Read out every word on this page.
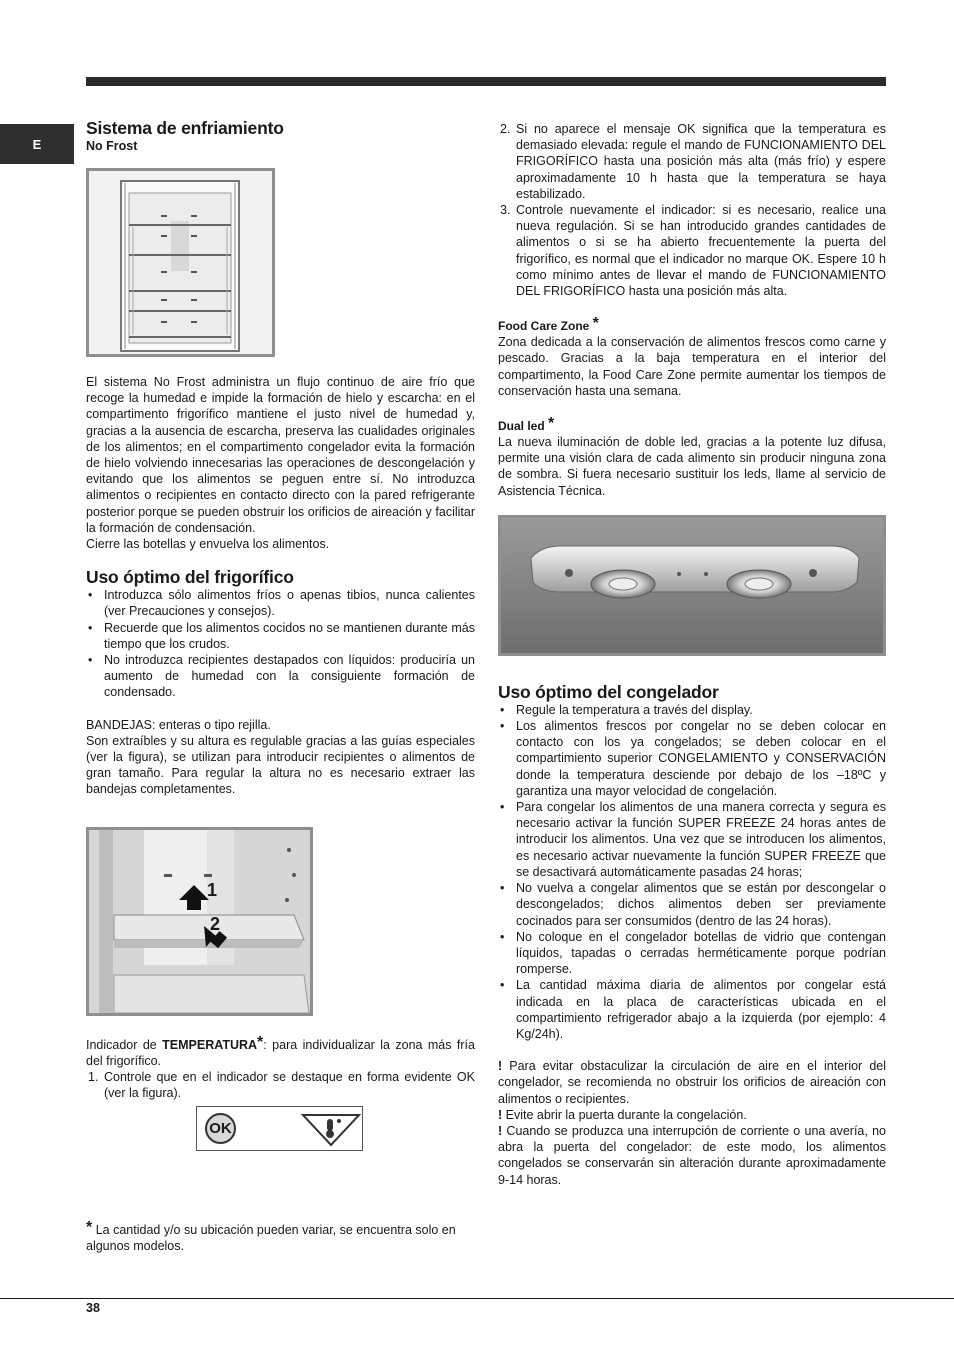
E
Sistema de enfriamiento
No Frost

El sistema No Frost administra un flujo continuo de aire frío que recoge la humedad e impide la formación de hielo y escarcha: en el compartimento frigorífico mantiene el justo nivel de humedad y, gracias a la ausencia de escarcha, preserva las cualidades originales de los alimentos; en el compartimento congelador evita la formación de hielo volviendo innecesarias las operaciones de descongelación y evitando que los alimentos se peguen entre sí. No introduzca alimentos o recipientes en contacto directo con la pared refrigerante posterior porque se pueden obstruir los orificios de aireación y facilitar la formación de condensación.

Cierre las botellas y envuelva los alimentos.

Uso óptimo del frigorífico
• Introduzca sólo alimentos fríos o apenas tibios, nunca calientes (ver Precauciones y consejos).
• Recuerde que los alimentos cocidos no se mantienen durante más tiempo que los crudos.
• No introduzca recipientes destapados con líquidos: produciría un aumento de humedad con la consiguiente formación de condensado.

BANDEJAS: enteras o tipo rejilla.

Son extraíbles y su altura es regulable gracias a las guías especiales (ver la figura), se utilizan para introducir recipientes o alimentos de gran tamaño. Para regular la altura no es necesario extraer las bandejas completamentes.

1
2

Indicador de TEMPERATURA*: para individualizar la zona más fría del frigorífico.

1. Controle que en el indicador se destaque en forma evidente OK (ver la figura).
OK

* La cantidad y/o su ubicación pueden variar, se encuentra solo en algunos modelos.

2. Si no aparece el mensaje OK significa que la temperatura es demasiado elevada: regule el mando de FUNCIONAMIENTO DEL FRIGORÍFICO hasta una posición más alta (más frío) y espere aproximadamente 10 h hasta que la temperatura se haya estabilizado.
3. Controle nuevamente el indicador: si es necesario, realice una nueva regulación. Si se han introducido grandes cantidades de alimentos o si se ha abierto frecuentemente la puerta del frigorífico, es normal que el indicador no marque OK. Espere 10 h como mínimo antes de llevar el mando de FUNCIONAMIENTO DEL FRIGORÍFICO hasta una posición más alta.
Food Care Zone *

Zona dedicada a la conservación de alimentos frescos como carne y pescado. Gracias a la baja temperatura en el interior del compartimento, la Food Care Zone permite aumentar los tiempos de conservación hasta una semana.

Dual led *

La nueva iluminación de doble led, gracias a la potente luz difusa, permite una visión clara de cada alimento sin producir ninguna zona de sombra. Si fuera necesario sustituir los leds, llame al servicio de Asistencia Técnica.

Uso óptimo del congelador
• Regule la temperatura a través del display.
• Los alimentos frescos por congelar no se deben colocar en contacto con los ya congelados; se deben colocar en el compartimiento superior CONGELAMIENTO y CONSERVACIÓN donde la temperatura desciende por debajo de los –18ºC y garantiza una mayor velocidad de congelación.
• Para congelar los alimentos de una manera correcta y segura es necesario activar la función SUPER FREEZE 24 horas antes de introducir los alimentos. Una vez que se introducen los alimentos, es necesario activar nuevamente la función SUPER FREEZE que se desactivará automáticamente pasadas 24 horas;
• No vuelva a congelar alimentos que se están por descongelar o descongelados; dichos alimentos deben ser previamente cocinados para ser consumidos (dentro de las 24 horas).
• No coloque en el congelador botellas de vidrio que contengan líquidos, tapadas o cerradas herméticamente porque podrían romperse.
• La cantidad máxima diaria de alimentos por congelar está indicada en la placa de características ubicada en el compartimiento refrigerador abajo a la izquierda (por ejemplo: 4 Kg/24h).

! Para evitar obstaculizar la circulación de aire en el interior del congelador, se recomienda no obstruir los orificios de aireación con alimentos o recipientes.

! Evite abrir la puerta durante la congelación.

! Cuando se produzca una interrupción de corriente o una avería, no abra la puerta del congelador: de este modo, los alimentos congelados se conservarán sin alteración durante aproximadamente 9-14 horas.

38
